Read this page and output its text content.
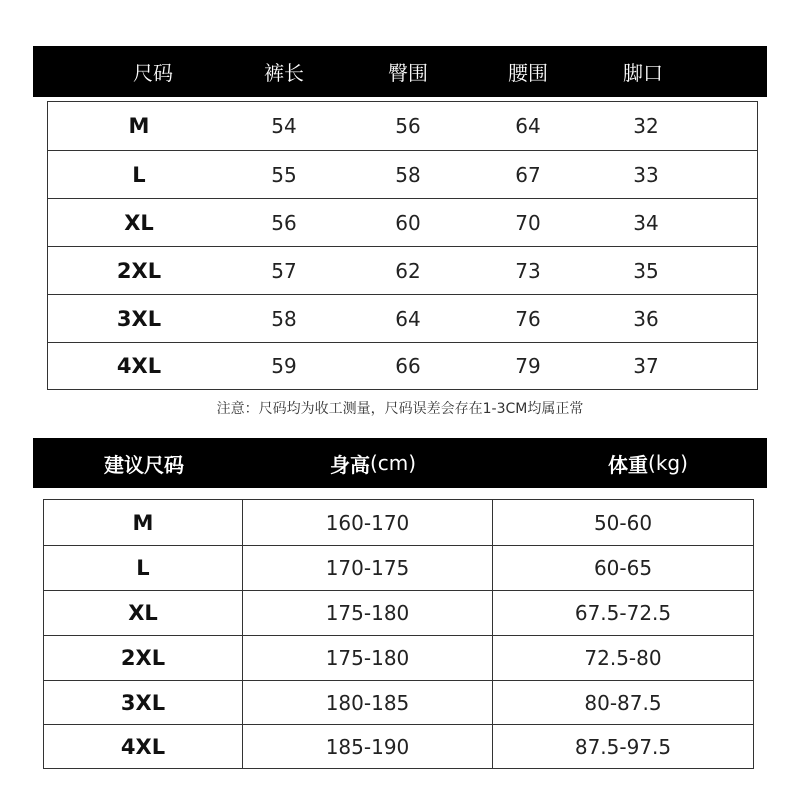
尺码	裤长	臀围	腰围	脚口
M	54	56	64	32
L	55	58	67	33
XL	56	60	70	34
2XL	57	62	73	35
3XL	58	64	76	36
4XL	59	66	79	37
注意：尺码均为收工测量，尺码误差会存在1-3CM均属正常
建议尺码	身高 (cm)	体重 (kg)
M	160-170	50-60
L	170-175	60-65
XL	175-180	67.5-72.5
2XL	175-180	72.5-80
3XL	180-185	80-87.5
4XL	185-190	87.5-97.5
